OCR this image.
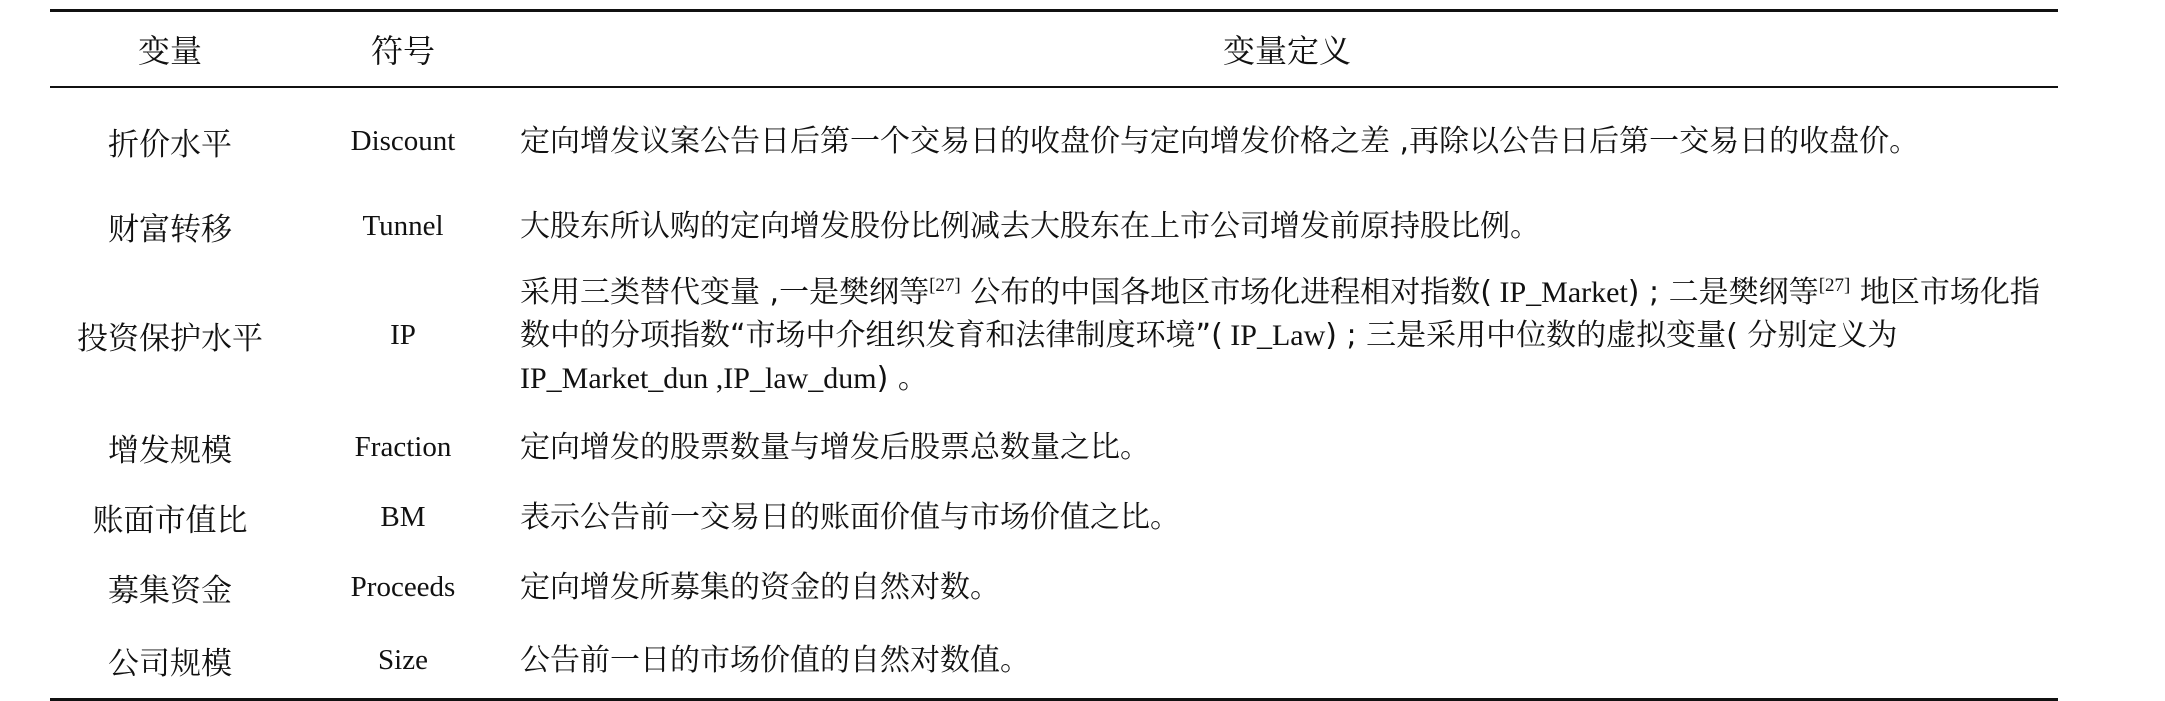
变量	符号	变量定义
折价水平	Discount	定向增发议案公告日后第一个交易日的收盘价与定向增发价格之差 ,再除以公告日后第一交易日的收盘价。
财富转移	Tunnel	大股东所认购的定向增发股份比例减去大股东在上市公司增发前原持股比例。
投资保护水平	IP	采用三类替代变量 ,一是樊纲等[27] 公布的中国各地区市场化进程相对指数( IP_Market) ; 二是樊纲等[27] 地区市场化指数中的分项指数“市场中介组织发育和法律制度环境”( IP_Law) ; 三是采用中位数的虚拟变量( 分别定义为 IP_Market_dun ,IP_law_dum) 。
增发规模	Fraction	定向增发的股票数量与增发后股票总数量之比。
账面市值比	BM	表示公告前一交易日的账面价值与市场价值之比。
募集资金	Proceeds	定向增发所募集的资金的自然对数。
公司规模	Size	公告前一日的市场价值的自然对数值。
